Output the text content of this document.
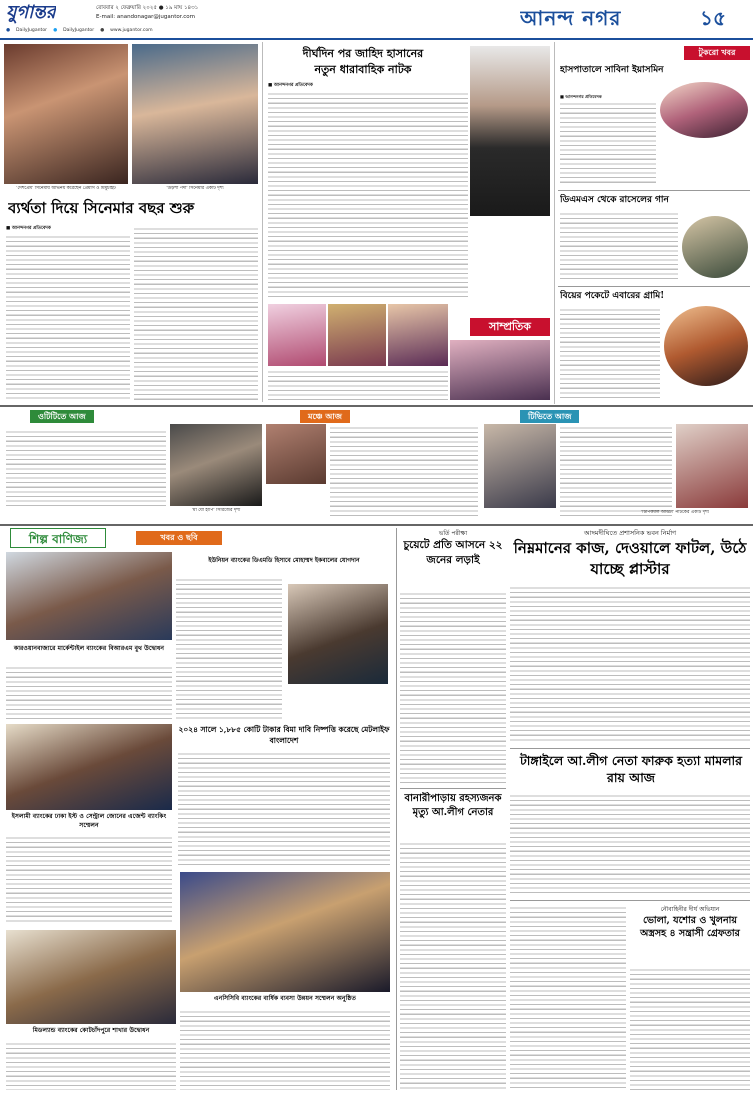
যুগান্তর	রোববার ২ ফেব্রুয়ারি ২০২৫ ● ১৯ মাঘ ১৪৩১
E-mail: anandonagar@jugantor.com
● DailyJugantor ● DailyJugantor ● www.jugantor.com
আনন্দ নগর	১৫
'দেশপ্রেম' সিনেমায় অভিনয় করেছেন প্রেমাস ও মিমুচাইট	'উড়শা পর্দা' সিনেমার একটি দৃশ্য
ব্যর্থতা দিয়ে সিনেমার বছর শুরু
■ আনন্দনগর প্রতিবেদক
দীর্ঘদিন পর জাহিদ হাসানের
নতুন ধারাবাহিক নাটক
■ আনন্দনগর প্রতিবেদক
সাম্প্রতিক
টুকরো খবর
হাসপাতালে সাবিনা ইয়াসমিন
■ আনন্দনগর প্রতিবেদক
ডিএমএস থেকে রাসেলের গান
বিয়ের পকেটে এবারের গ্রামি!
ওটিটিতে আজ
'মা যো হাপি' সিরিজের দৃশ্য
মঞ্চে আজ	টিভিতে আজ
'টিপিক্যাল আড্ডা' নাটকের একটি দৃশ্য
শিল্প বাণিজ্য	খবর ও ছবি
ইউনিয়ন ব্যাংকের ডিএমডি হিসাবে মোহাম্মদ ইকবালের যোগদান
কারওয়ানবাজারে মার্কেন্টাইল ব্যাংকের বিআরএম বুথ উদ্বোধন
ইসলামী ব্যাংকের ঢাকা ইস্ট ও সেন্ট্রাল জোনের এজেন্ট ব্যাংকিং সম্মেলন
২০২৪ সালে ১,৮৮৫ কোটি টাকার বিমা দাবি নিষ্পত্তি করেছে মেটলাইফ বাংলাদেশ
মিডল্যান্ড ব্যাংকের কোটচাঁদপুরে শাখার উদ্বোধন
এনসিসিবি ব্যাংকের বার্ষিক ব্যবসা উন্নয়ন সম্মেলন অনুষ্ঠিত
ভর্তি পরীক্ষা
চুয়েটে প্রতি আসনে ২২ জনের লড়াই
আদমদীঘিতে প্রশাসনিক ভবন নির্মাণ
নিম্নমানের কাজ, দেওয়ালে ফাটল, উঠে যাচ্ছে প্লাস্টার
বানারীপাড়ায় রহস্যজনক মৃত্যু আ.লীগ নেতার
টাঙ্গাইলে আ.লীগ নেতা ফারুক হত্যা মামলার রায় আজ
নৌবাহিনীর দীর্ঘ অভিযান
ভোলা, যশোর ও খুলনায় অস্ত্রসহ ৪ সন্ত্রাসী গ্রেফতার
